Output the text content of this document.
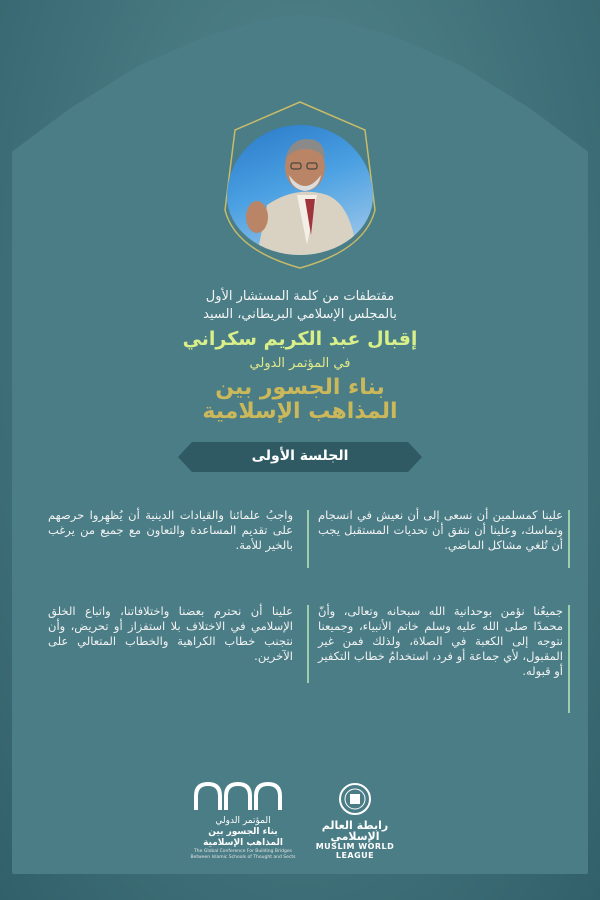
مقتطفات من كلمة المستشار الأول
بالمجلس الإسلامي البريطاني، السيد
إقبال عبد الكريم سكراني
في المؤتمر الدولي
بناء الجسور بين
المذاهب الإسلامية
الجلسة الأولى
واجبُ علمائنا والقيادات الدينية أن يُظهِروا حرصهم على تقديم المساعدة والتعاون مع جميع من يرغب بالخير للأمة.
علينا كمسلمين أن نسعى إلى أن نعيش في انسجام وتماسك، وعلينا أن نتفق أن تحديات المستقبل يجب أن تُلغي مشاكل الماضي.
علينا أن نحترم بعضنا واختلافاتنا، واتباع الخلق الإسلامي في الاختلاف بلا استفزاز أو تحريض، وأن نتجنب خطاب الكراهية والخطاب المتعالي على الآخرين.
جميعُنا نؤمن بوحدانية الله سبحانه وتعالى، وأنّ محمدًا صلى الله عليه وسلم خاتم الأنبياء، وجميعنا نتوجه إلى الكعبة في الصلاة، ولذلك فمن غير المقبول، لأي جماعة أو فرد، استخدامُ خطاب التكفير أو قبوله.
المؤتمر الدولي
بناء الجسور بين
المذاهب الإسلامية
The Global Conference For Building Bridges Between Islamic Schools of Thought and Sects
رابطة العالم الإسلامي
MUSLIM WORLD LEAGUE
